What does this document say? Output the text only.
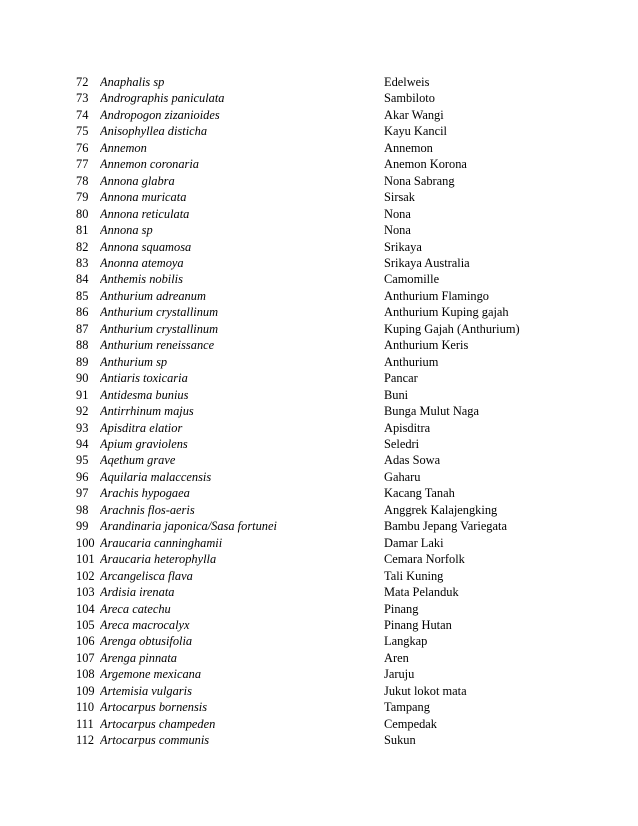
	72	Anaphalis sp	Edelweis
	73	Andrographis paniculata	Sambiloto
	74	Andropogon zizanioides	Akar Wangi
	75	Anisophyllea disticha	Kayu Kancil
	76	Annemon	Annemon
	77	Annemon coronaria	Anemon Korona
	78	Annona glabra	Nona Sabrang
	79	Annona muricata	Sirsak
	80	Annona reticulata	Nona
	81	Annona sp	Nona
	82	Annona squamosa	Srikaya
	83	Anonna atemoya	Srikaya Australia
	84	Anthemis nobilis	Camomille
	85	Anthurium adreanum	Anthurium Flamingo
	86	Anthurium crystallinum	Anthurium Kuping gajah
	87	Anthurium crystallinum	Kuping Gajah (Anthurium)
	88	Anthurium reneissance	Anthurium Keris
	89	Anthurium sp	Anthurium
	90	Antiaris toxicaria	Pancar
	91	Antidesma bunius	Buni
	92	Antirrhinum majus	Bunga Mulut Naga
	93	Apisditra elatior	Apisditra
	94	Apium graviolens	Seledri
	95	Aqethum grave	Adas Sowa
	96	Aquilaria malaccensis	Gaharu
	97	Arachis hypogaea	Kacang Tanah
	98	Arachnis flos-aeris	Anggrek Kalajengking
	99	Arandinaria japonica/Sasa fortunei	Bambu Jepang Variegata
	100	Araucaria canninghamii	Damar Laki
	101	Araucaria heterophylla	Cemara Norfolk
	102	Arcangelisca flava	Tali Kuning
	103	Ardisia irenata	Mata Pelanduk
	104	Areca catechu	Pinang
	105	Areca macrocalyx	Pinang Hutan
	106	Arenga obtusifolia	Langkap
	107	Arenga pinnata	Aren
	108	Argemone mexicana	Jaruju
	109	Artemisia vulgaris	Jukut lokot mata
	110	Artocarpus bornensis	Tampang
	111	Artocarpus champeden	Cempedak
	112	Artocarpus communis	Sukun
